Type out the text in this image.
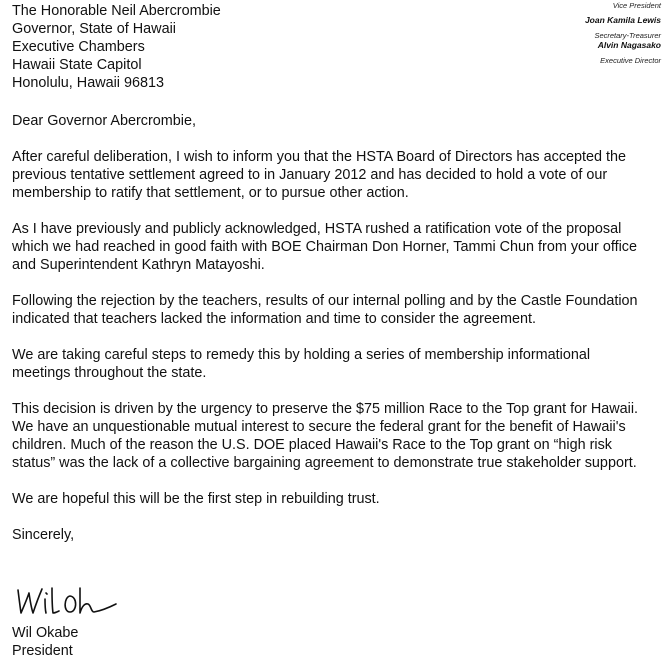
Vice President
Joan Kamila Lewis
Secretary-Treasurer
Alvin Nagasako
Executive Director
The Honorable Neil Abercrombie
Governor, State of Hawaii
Executive Chambers
Hawaii State Capitol
Honolulu, Hawaii 96813
Dear Governor Abercrombie,

After careful deliberation, I wish to inform you that the HSTA Board of Directors has accepted the previous tentative settlement agreed to in January 2012 and has decided to hold a vote of our membership to ratify that settlement, or to pursue other action.

As I have previously and publicly acknowledged, HSTA rushed a ratification vote of the proposal which we had reached in good faith with BOE Chairman Don Horner, Tammi Chun from your office and Superintendent Kathryn Matayoshi.

Following the rejection by the teachers, results of our internal polling and by the Castle Foundation indicated that teachers lacked the information and time to consider the agreement.

We are taking careful steps to remedy this by holding a series of membership informational meetings throughout the state.

This decision is driven by the urgency to preserve the $75 million Race to the Top grant for Hawaii. We have an unquestionable mutual interest to secure the federal grant for the benefit of Hawaii's children. Much of the reason the U.S. DOE placed Hawaii's Race to the Top grant on “high risk status” was the lack of a collective bargaining agreement to demonstrate true stakeholder support.

We are hopeful this will be the first step in rebuilding trust.

Sincerely,
Wil Okabe
President
